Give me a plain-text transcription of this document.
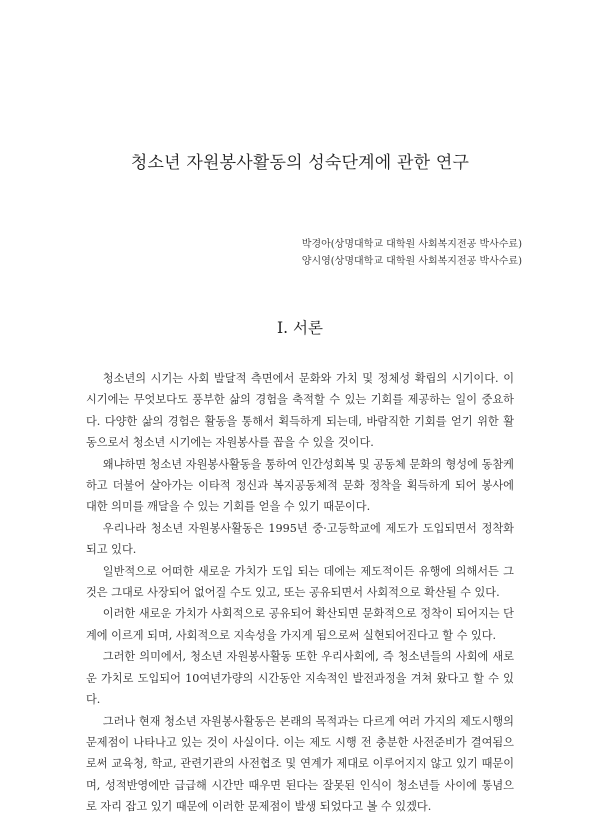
청소년 자원봉사활동의 성숙단계에 관한 연구
박경아(상명대학교 대학원 사회복지전공 박사수료)
양시영(상명대학교 대학원 사회복지전공 박사수료)
I. 서론

청소년의 시기는 사회 발달적 측면에서 문화와 가치 및 정체성 확립의 시기이다. 이 시기에는 무엇보다도 풍부한 삶의 경험을 축적할 수 있는 기회를 제공하는 일이 중요하다. 다양한 삶의 경험은 활동을 통해서 획득하게 되는데, 바람직한 기회를 얻기 위한 활동으로서 청소년 시기에는 자원봉사를 꼽을 수 있을 것이다.

왜냐하면 청소년 자원봉사활동을 통하여 인간성회복 및 공동체 문화의 형성에 동참케 하고 더불어 살아가는 이타적 정신과 복지공동체적 문화 정착을 획득하게 되어 봉사에 대한 의미를 깨달을 수 있는 기회를 얻을 수 있기 때문이다.

우리나라 청소년 자원봉사활동은 1995년 중·고등학교에 제도가 도입되면서 정착화 되고 있다.

일반적으로 어떠한 새로운 가치가 도입 되는 데에는 제도적이든 유행에 의해서든 그것은 그대로 사장되어 없어질 수도 있고, 또는 공유되면서 사회적으로 확산될 수 있다.

이러한 새로운 가치가 사회적으로 공유되어 확산되면 문화적으로 정착이 되어지는 단계에 이르게 되며, 사회적으로 지속성을 가지게 됨으로써 실현되어진다고 할 수 있다.

그러한 의미에서, 청소년 자원봉사활동 또한 우리사회에, 즉 청소년들의 사회에 새로운 가치로 도입되어 10여년가량의 시간동안 지속적인 발전과정을 겨쳐 왔다고 할 수 있다.

그러나 현재 청소년 자원봉사활동은 본래의 목적과는 다르게 여러 가지의 제도시행의 문제점이 나타나고 있는 것이 사실이다. 이는 제도 시행 전 충분한 사전준비가 결여됨으로써 교육청, 학교, 관련기관의 사전협조 및 연계가 제대로 이루어지지 않고 있기 때문이며, 성적반영에만 급급해 시간만 때우면 된다는 잘못된 인식이 청소년들 사이에 통념으로 자리 잡고 있기 때문에 이러한 문제점이 발생 되었다고 볼 수 있겠다.
